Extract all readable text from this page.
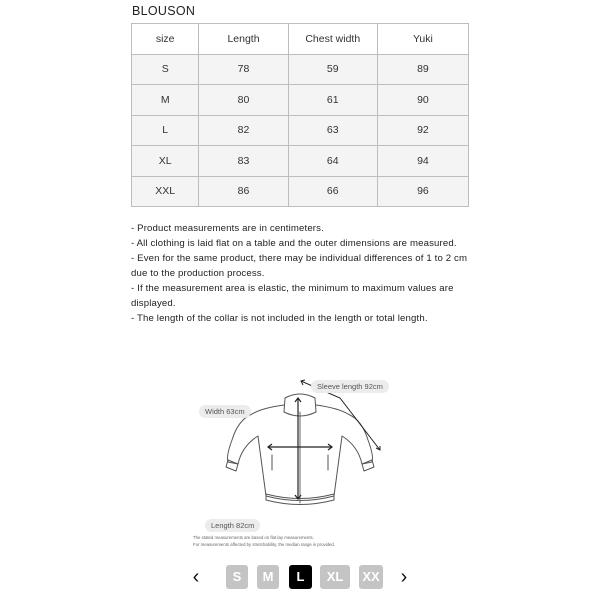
BLOUSON
size	Length	Chest width	Yuki
S	78	59	89
M	80	61	90
L	82	63	92
XL	83	64	94
XXL	86	66	96
- Product measurements are in centimeters.
- All clothing is laid flat on a table and the outer dimensions are measured.
- Even for the same product, there may be individual differences of 1 to 2 cm due to the production process.
- If the measurement area is elastic, the minimum to maximum values are displayed.
- The length of the collar is not included in the length or total length.
Sleeve length 92cm
Width 63cm
Length 82cm
The stated measurements are based on flat-lay measurements.
For measurements affected by stretchability, the median range is provided.
‹	S	M	L	XL	XX ›
